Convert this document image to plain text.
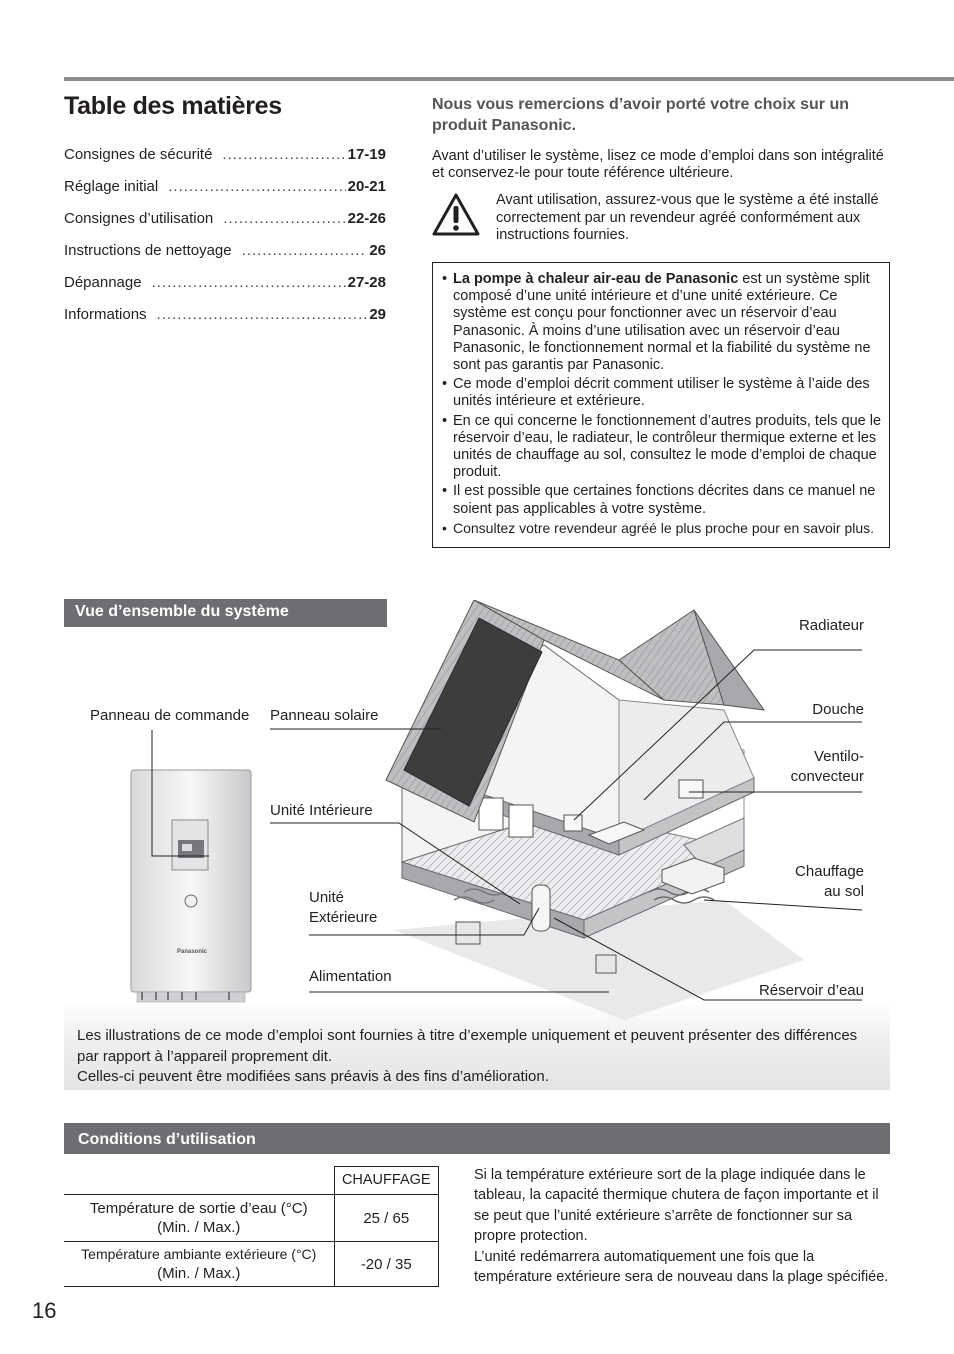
Table des matières
Consignes de sécurité .....	17-19
Réglage initial .....	20-21
Consignes d’utilisation .....	22-26
Instructions de nettoyage .....	26
Dépannage .....	27-28
Informations .....	29
Nous vous remercions d’avoir porté votre choix sur un produit Panasonic.

Avant d’utiliser le système, lisez ce mode d’emploi dans son intégralité et conservez-le pour toute référence ultérieure.

Avant utilisation, assurez-vous que le système a été installé correctement par un revendeur agréé conformément aux instructions fournies.

• La pompe à chaleur air-eau de Panasonic est un système split composé d’une unité intérieure et d’une unité extérieure. Ce système est conçu pour fonctionner avec un réservoir d’eau Panasonic. À moins d’une utilisation avec un réservoir d’eau Panasonic, le fonctionnement normal et la fiabilité du système ne sont pas garantis par Panasonic.
• Ce mode d’emploi décrit comment utiliser le système à l’aide des unités intérieure et extérieure.
• En ce qui concerne le fonctionnement d’autres produits, tels que le réservoir d’eau, le radiateur, le contrôleur thermique externe et les unités de chauffage au sol, consultez le mode d’emploi de chaque produit.
• Il est possible que certaines fonctions décrites dans ce manuel ne soient pas applicables à votre système.
• Consultez votre revendeur agréé le plus proche pour en savoir plus.
Vue d’ensemble du système
Panasonic
Panneau de commande Panneau solaire
Unité Intérieure
Unité
Extérieure
Alimentation
Radiateur
Douche
Ventilo-
convecteur
Chauffage
au sol
Réservoir d’eau
Les illustrations de ce mode d’emploi sont fournies à titre d’exemple uniquement et peuvent présenter des différences par rapport à l’appareil proprement dit.
Celles-ci peuvent être modifiées sans préavis à des fins d’amélioration.
Conditions d’utilisation
	CHAUFFAGE
Température de sortie d’eau (°C)
(Min. / Max.)	25 / 65
Température ambiante extérieure (°C)
(Min. / Max.)	-20 / 35

Si la température extérieure sort de la plage indiquée dans le tableau, la capacité thermique chutera de façon importante et il se peut que l’unité extérieure s’arrête de fonctionner sur sa propre protection.
L’unité redémarrera automatiquement une fois que la température extérieure sera de nouveau dans la plage spécifiée.

16
